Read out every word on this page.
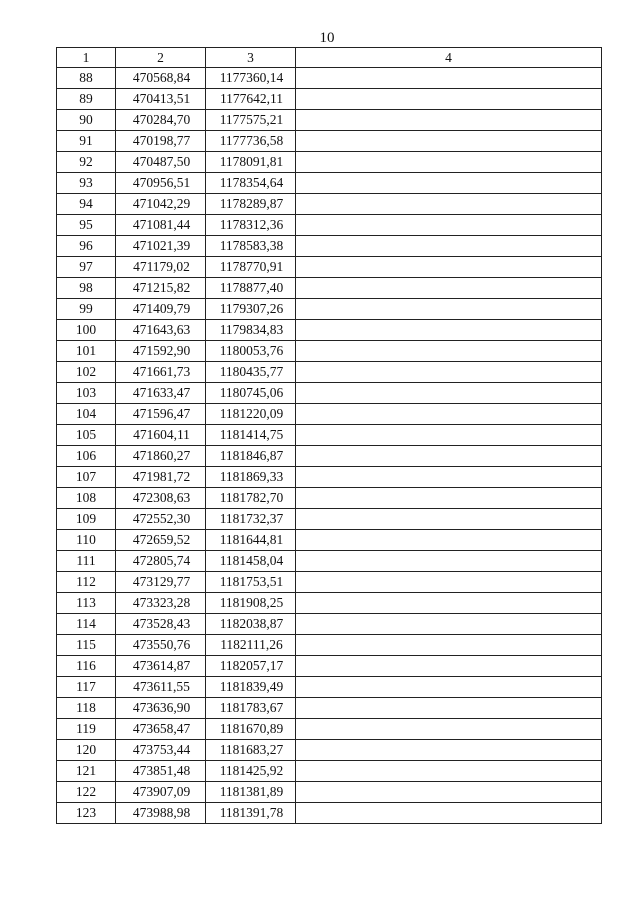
10
1	2	3	4
88	470568,84	1177360,14	
89	470413,51	1177642,11	
90	470284,70	1177575,21	
91	470198,77	1177736,58	
92	470487,50	1178091,81	
93	470956,51	1178354,64	
94	471042,29	1178289,87	
95	471081,44	1178312,36	
96	471021,39	1178583,38	
97	471179,02	1178770,91	
98	471215,82	1178877,40	
99	471409,79	1179307,26	
100	471643,63	1179834,83	
101	471592,90	1180053,76	
102	471661,73	1180435,77	
103	471633,47	1180745,06	
104	471596,47	1181220,09	
105	471604,11	1181414,75	
106	471860,27	1181846,87	
107	471981,72	1181869,33	
108	472308,63	1181782,70	
109	472552,30	1181732,37	
110	472659,52	1181644,81	
111	472805,74	1181458,04	
112	473129,77	1181753,51	
113	473323,28	1181908,25	
114	473528,43	1182038,87	
115	473550,76	1182111,26	
116	473614,87	1182057,17	
117	473611,55	1181839,49	
118	473636,90	1181783,67	
119	473658,47	1181670,89	
120	473753,44	1181683,27	
121	473851,48	1181425,92	
122	473907,09	1181381,89	
123	473988,98	1181391,78	
